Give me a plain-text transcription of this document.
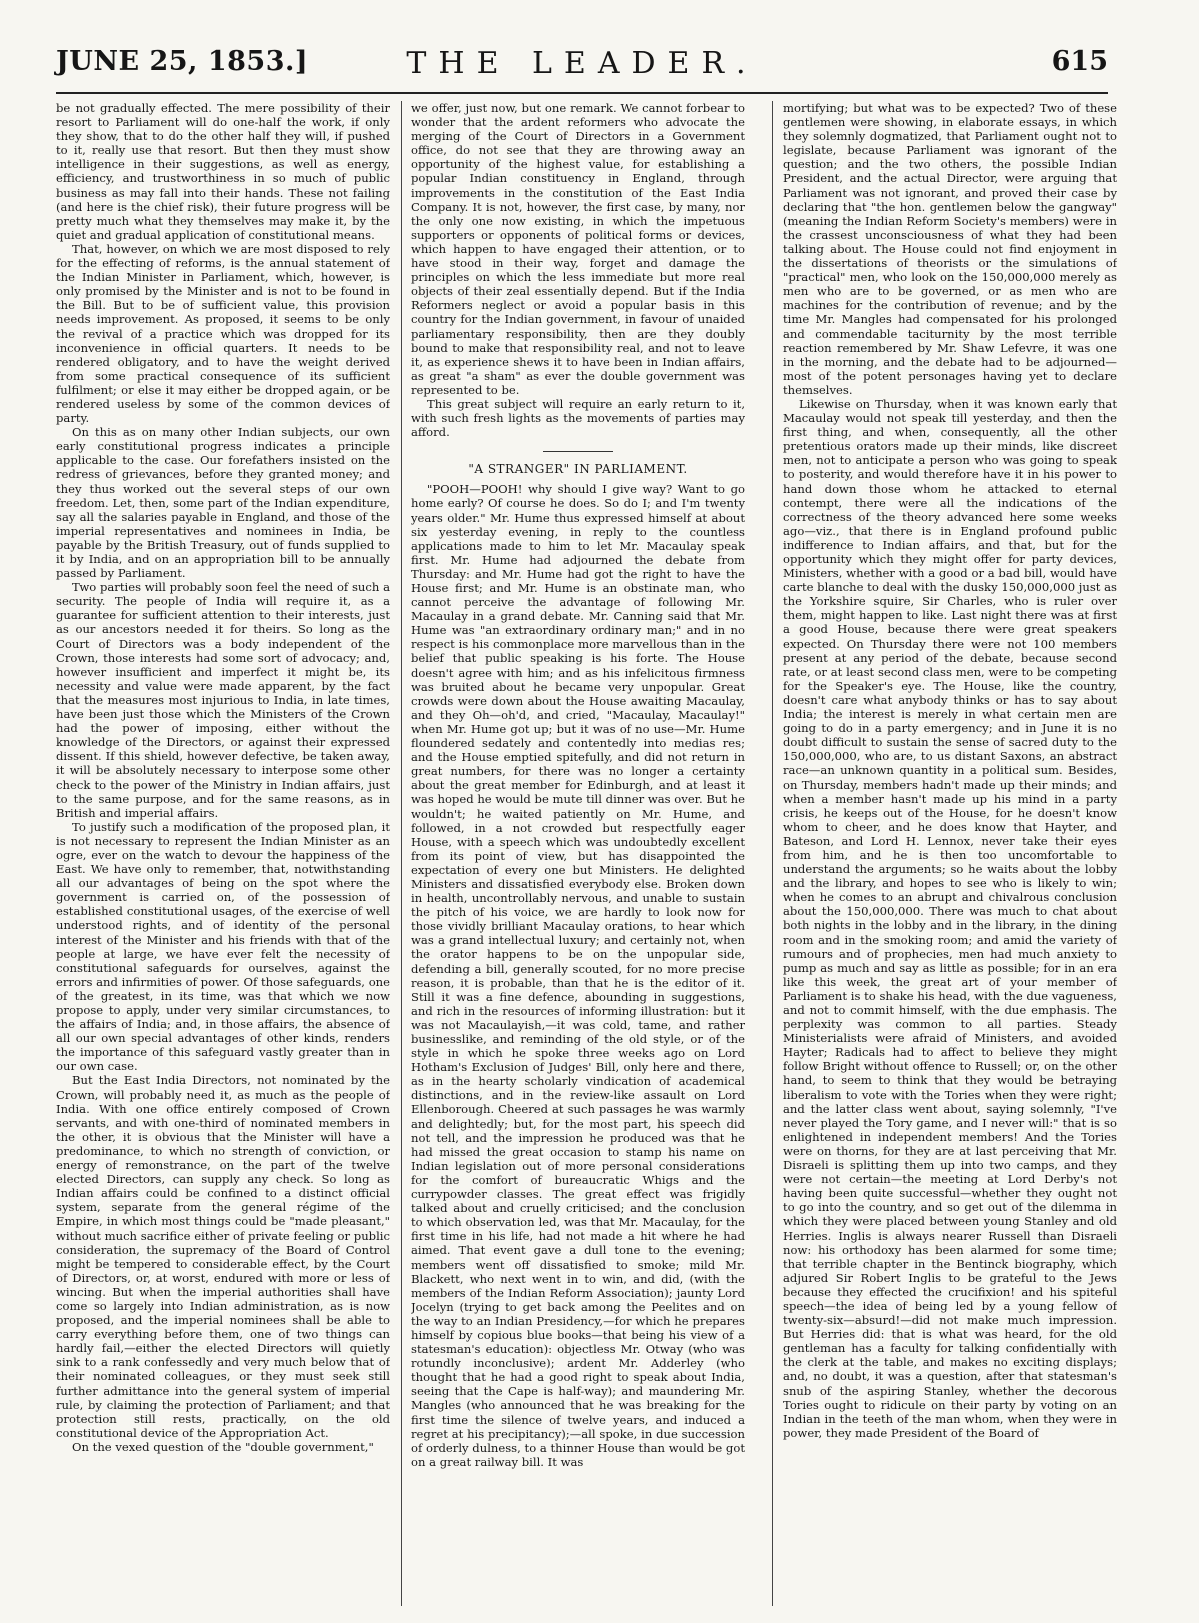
JUNE 25, 1853.]	THE LEADER.	615

be not gradually effected. The mere possibility of their resort to Parliament will do one-half the work, if only they show, that to do the other half they will, if pushed to it, really use that resort. But then they must show intelligence in their suggestions, as well as energy, efficiency, and trustworthiness in so much of public business as may fall into their hands. These not failing (and here is the chief risk), their future progress will be pretty much what they themselves may make it, by the quiet and gradual application of constitutional means.

That, however, on which we are most disposed to rely for the effecting of reforms, is the annual statement of the Indian Minister in Parliament, which, however, is only promised by the Minister and is not to be found in the Bill. But to be of sufficient value, this provision needs improvement. As proposed, it seems to be only the revival of a practice which was dropped for its inconvenience in official quarters. It needs to be rendered obligatory, and to have the weight derived from some practical consequence of its sufficient fulfilment; or else it may either be dropped again, or be rendered useless by some of the common devices of party.

On this as on many other Indian subjects, our own early constitutional progress indicates a principle applicable to the case. Our forefathers insisted on the redress of grievances, before they granted money; and they thus worked out the several steps of our own freedom. Let, then, some part of the Indian expenditure, say all the salaries payable in England, and those of the imperial representatives and nominees in India, be payable by the British Treasury, out of funds supplied to it by India, and on an appropriation bill to be annually passed by Parliament.

Two parties will probably soon feel the need of such a security. The people of India will require it, as a guarantee for sufficient attention to their interests, just as our ancestors needed it for theirs. So long as the Court of Directors was a body independent of the Crown, those interests had some sort of advocacy; and, however insufficient and imperfect it might be, its necessity and value were made apparent, by the fact that the measures most injurious to India, in late times, have been just those which the Ministers of the Crown had the power of imposing, either without the knowledge of the Directors, or against their expressed dissent. If this shield, however defective, be taken away, it will be absolutely necessary to interpose some other check to the power of the Ministry in Indian affairs, just to the same purpose, and for the same reasons, as in British and imperial affairs.

To justify such a modification of the proposed plan, it is not necessary to represent the Indian Minister as an ogre, ever on the watch to devour the happiness of the East. We have only to remember, that, notwithstanding all our advantages of being on the spot where the government is carried on, of the possession of established constitutional usages, of the exercise of well understood rights, and of identity of the personal interest of the Minister and his friends with that of the people at large, we have ever felt the necessity of constitutional safeguards for ourselves, against the errors and infirmities of power. Of those safeguards, one of the greatest, in its time, was that which we now propose to apply, under very similar circumstances, to the affairs of India; and, in those affairs, the absence of all our own special advantages of other kinds, renders the importance of this safeguard vastly greater than in our own case.

But the East India Directors, not nominated by the Crown, will probably need it, as much as the people of India. With one office entirely composed of Crown servants, and with one-third of nominated members in the other, it is obvious that the Minister will have a predominance, to which no strength of conviction, or energy of remonstrance, on the part of the twelve elected Directors, can supply any check. So long as Indian affairs could be confined to a distinct official system, separate from the general régime of the Empire, in which most things could be "made pleasant," without much sacrifice either of private feeling or public consideration, the supremacy of the Board of Control might be tempered to considerable effect, by the Court of Directors, or, at worst, endured with more or less of wincing. But when the imperial authorities shall have come so largely into Indian administration, as is now proposed, and the imperial nominees shall be able to carry everything before them, one of two things can hardly fail,—either the elected Directors will quietly sink to a rank confessedly and very much below that of their nominated colleagues, or they must seek still further admittance into the general system of imperial rule, by claiming the protection of Parliament; and that protection still rests, practically, on the old constitutional device of the Appropriation Act.

On the vexed question of the "double government,"

we offer, just now, but one remark. We cannot forbear to wonder that the ardent reformers who advocate the merging of the Court of Directors in a Government office, do not see that they are throwing away an opportunity of the highest value, for establishing a popular Indian constituency in England, through improvements in the constitution of the East India Company. It is not, however, the first case, by many, nor the only one now existing, in which the impetuous supporters or opponents of political forms or devices, which happen to have engaged their attention, or to have stood in their way, forget and damage the principles on which the less immediate but more real objects of their zeal essentially depend. But if the India Reformers neglect or avoid a popular basis in this country for the Indian government, in favour of unaided parliamentary responsibility, then are they doubly bound to make that responsibility real, and not to leave it, as experience shews it to have been in Indian affairs, as great "a sham" as ever the double government was represented to be.

This great subject will require an early return to it, with such fresh lights as the movements of parties may afford.

"A STRANGER" IN PARLIAMENT.

"POOH—POOH! why should I give way? Want to go home early? Of course he does. So do I; and I'm twenty years older." Mr. Hume thus expressed himself at about six yesterday evening, in reply to the countless applications made to him to let Mr. Macaulay speak first. Mr. Hume had adjourned the debate from Thursday: and Mr. Hume had got the right to have the House first; and Mr. Hume is an obstinate man, who cannot perceive the advantage of following Mr. Macaulay in a grand debate. Mr. Canning said that Mr. Hume was "an extraordinary ordinary man;" and in no respect is his commonplace more marvellous than in the belief that public speaking is his forte. The House doesn't agree with him; and as his infelicitous firmness was bruited about he became very unpopular. Great crowds were down about the House awaiting Macaulay, and they Oh—oh'd, and cried, "Macaulay, Macaulay!" when Mr. Hume got up; but it was of no use—Mr. Hume floundered sedately and contentedly into medias res; and the House emptied spitefully, and did not return in great numbers, for there was no longer a certainty about the great member for Edinburgh, and at least it was hoped he would be mute till dinner was over. But he wouldn't; he waited patiently on Mr. Hume, and followed, in a not crowded but respectfully eager House, with a speech which was undoubtedly excellent from its point of view, but has disappointed the expectation of every one but Ministers. He delighted Ministers and dissatisfied everybody else. Broken down in health, uncontrollably nervous, and unable to sustain the pitch of his voice, we are hardly to look now for those vividly brilliant Macaulay orations, to hear which was a grand intellectual luxury; and certainly not, when the orator happens to be on the unpopular side, defending a bill, generally scouted, for no more precise reason, it is probable, than that he is the editor of it. Still it was a fine defence, abounding in suggestions, and rich in the resources of informing illustration: but it was not Macaulayish,—it was cold, tame, and rather businesslike, and reminding of the old style, or of the style in which he spoke three weeks ago on Lord Hotham's Exclusion of Judges' Bill, only here and there, as in the hearty scholarly vindication of academical distinctions, and in the review-like assault on Lord Ellenborough. Cheered at such passages he was warmly and delightedly; but, for the most part, his speech did not tell, and the impression he produced was that he had missed the great occasion to stamp his name on Indian legislation out of more personal considerations for the comfort of bureaucratic Whigs and the currypowder classes. The great effect was frigidly talked about and cruelly criticised; and the conclusion to which observation led, was that Mr. Macaulay, for the first time in his life, had not made a hit where he had aimed. That event gave a dull tone to the evening; members went off dissatisfied to smoke; mild Mr. Blackett, who next went in to win, and did, (with the members of the Indian Reform Association); jaunty Lord Jocelyn (trying to get back among the Peelites and on the way to an Indian Presidency,—for which he prepares himself by copious blue books—that being his view of a statesman's education): objectless Mr. Otway (who was rotundly inconclusive); ardent Mr. Adderley (who thought that he had a good right to speak about India, seeing that the Cape is half-way); and maundering Mr. Mangles (who announced that he was breaking for the first time the silence of twelve years, and induced a regret at his precipitancy);—all spoke, in due succession of orderly dulness, to a thinner House than would be got on a great railway bill. It was

mortifying; but what was to be expected? Two of these gentlemen were showing, in elaborate essays, in which they solemnly dogmatized, that Parliament ought not to legislate, because Parliament was ignorant of the question; and the two others, the possible Indian President, and the actual Director, were arguing that Parliament was not ignorant, and proved their case by declaring that "the hon. gentlemen below the gangway" (meaning the Indian Reform Society's members) were in the crassest unconsciousness of what they had been talking about. The House could not find enjoyment in the dissertations of theorists or the simulations of "practical" men, who look on the 150,000,000 merely as men who are to be governed, or as men who are machines for the contribution of revenue; and by the time Mr. Mangles had compensated for his prolonged and commendable taciturnity by the most terrible reaction remembered by Mr. Shaw Lefevre, it was one in the morning, and the debate had to be adjourned—most of the potent personages having yet to declare themselves.

Likewise on Thursday, when it was known early that Macaulay would not speak till yesterday, and then the first thing, and when, consequently, all the other pretentious orators made up their minds, like discreet men, not to anticipate a person who was going to speak to posterity, and would therefore have it in his power to hand down those whom he attacked to eternal contempt, there were all the indications of the correctness of the theory advanced here some weeks ago—viz., that there is in England profound public indifference to Indian affairs, and that, but for the opportunity which they might offer for party devices, Ministers, whether with a good or a bad bill, would have carte blanche to deal with the dusky 150,000,000 just as the Yorkshire squire, Sir Charles, who is ruler over them, might happen to like. Last night there was at first a good House, because there were great speakers expected. On Thursday there were not 100 members present at any period of the debate, because second rate, or at least second class men, were to be competing for the Speaker's eye. The House, like the country, doesn't care what anybody thinks or has to say about India; the interest is merely in what certain men are going to do in a party emergency; and in June it is no doubt difficult to sustain the sense of sacred duty to the 150,000,000, who are, to us distant Saxons, an abstract race—an unknown quantity in a political sum. Besides, on Thursday, members hadn't made up their minds; and when a member hasn't made up his mind in a party crisis, he keeps out of the House, for he doesn't know whom to cheer, and he does know that Hayter, and Bateson, and Lord H. Lennox, never take their eyes from him, and he is then too uncomfortable to understand the arguments; so he waits about the lobby and the library, and hopes to see who is likely to win; when he comes to an abrupt and chivalrous conclusion about the 150,000,000. There was much to chat about both nights in the lobby and in the library, in the dining room and in the smoking room; and amid the variety of rumours and of prophecies, men had much anxiety to pump as much and say as little as possible; for in an era like this week, the great art of your member of Parliament is to shake his head, with the due vagueness, and not to commit himself, with the due emphasis. The perplexity was common to all parties. Steady Ministerialists were afraid of Ministers, and avoided Hayter; Radicals had to affect to believe they might follow Bright without offence to Russell; or, on the other hand, to seem to think that they would be betraying liberalism to vote with the Tories when they were right; and the latter class went about, saying solemnly, "I've never played the Tory game, and I never will:" that is so enlightened in independent members! And the Tories were on thorns, for they are at last perceiving that Mr. Disraeli is splitting them up into two camps, and they were not certain—the meeting at Lord Derby's not having been quite successful—whether they ought not to go into the country, and so get out of the dilemma in which they were placed between young Stanley and old Herries. Inglis is always nearer Russell than Disraeli now: his orthodoxy has been alarmed for some time; that terrible chapter in the Bentinck biography, which adjured Sir Robert Inglis to be grateful to the Jews because they effected the crucifixion! and his spiteful speech—the idea of being led by a young fellow of twenty-six—absurd!—did not make much impression. But Herries did: that is what was heard, for the old gentleman has a faculty for talking confidentially with the clerk at the table, and makes no exciting displays; and, no doubt, it was a question, after that statesman's snub of the aspiring Stanley, whether the decorous Tories ought to ridicule on their party by voting on an Indian in the teeth of the man whom, when they were in power, they made President of the Board of
